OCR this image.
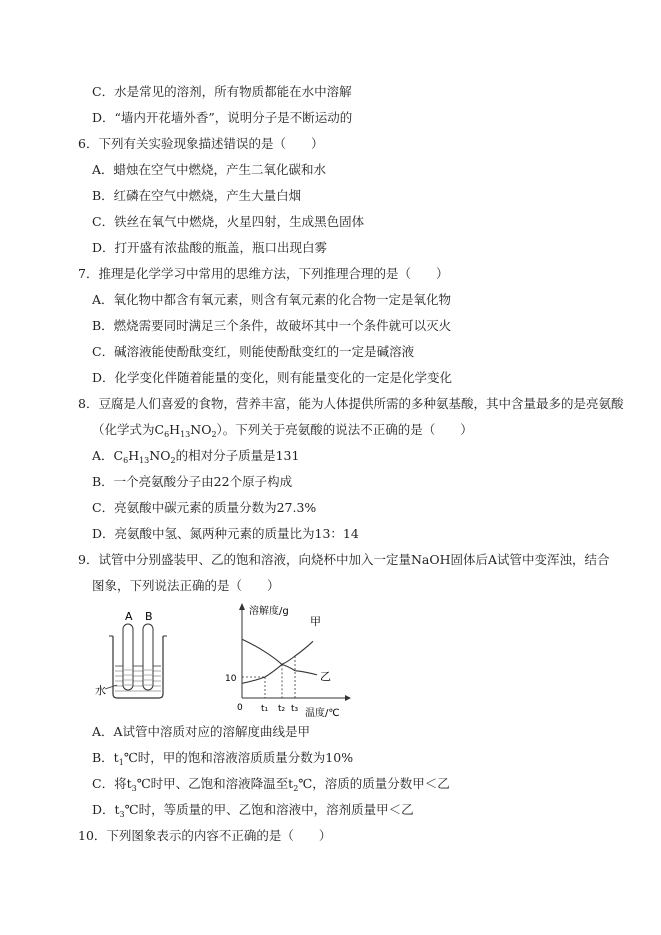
C．水是常见的溶剂，所有物质都能在水中溶解
D．“墙内开花墙外香”，说明分子是不断运动的
6．下列有关实验现象描述错误的是（　　）
A．蜡烛在空气中燃烧，产生二氧化碳和水
B．红磷在空气中燃烧，产生大量白烟
C．铁丝在氧气中燃烧，火星四射，生成黑色固体
D．打开盛有浓盐酸的瓶盖，瓶口出现白雾
7．推理是化学学习中常用的思维方法，下列推理合理的是（　　）
A．氧化物中都含有氧元素，则含有氧元素的化合物一定是氧化物
B．燃烧需要同时满足三个条件，故破坏其中一个条件就可以灭火
C．碱溶液能使酚酞变红，则能使酚酞变红的一定是碱溶液
D．化学变化伴随着能量的变化，则有能量变化的一定是化学变化
8．豆腐是人们喜爱的食物，营养丰富，能为人体提供所需的多种氨基酸，其中含量最多的是亮氨酸
（化学式为$C_6H_{13}NO_2$）。下列关于亮氨酸的说法不正确的是（　　）
A．$C_6H_{13}NO_2$的相对分子质量是131
B．一个亮氨酸分子由22个原子构成
C．亮氨酸中碳元素的质量分数为27.3%
D．亮氨酸中氢、氮两种元素的质量比为13：14
9．试管中分别盛装甲、乙的饱和溶液，向烧杯中加入一定量NaOH固体后A试管中变浑浊，结合
图象，下列说法正确的是（　　）
A B
水
溶解度/g
温度/℃
0
10
t₁ t₂ t₃
甲
乙
A．A试管中溶质对应的溶解度曲线是甲
B．$t_1℃$时，甲的饱和溶液溶质质量分数为10%
C．将$t_3℃$时甲、乙饱和溶液降温至$t_2℃$，溶质的质量分数甲＜乙
D．$t_3℃$时，等质量的甲、乙饱和溶液中，溶剂质量甲＜乙
10．下列图象表示的内容不正确的是（　　）
